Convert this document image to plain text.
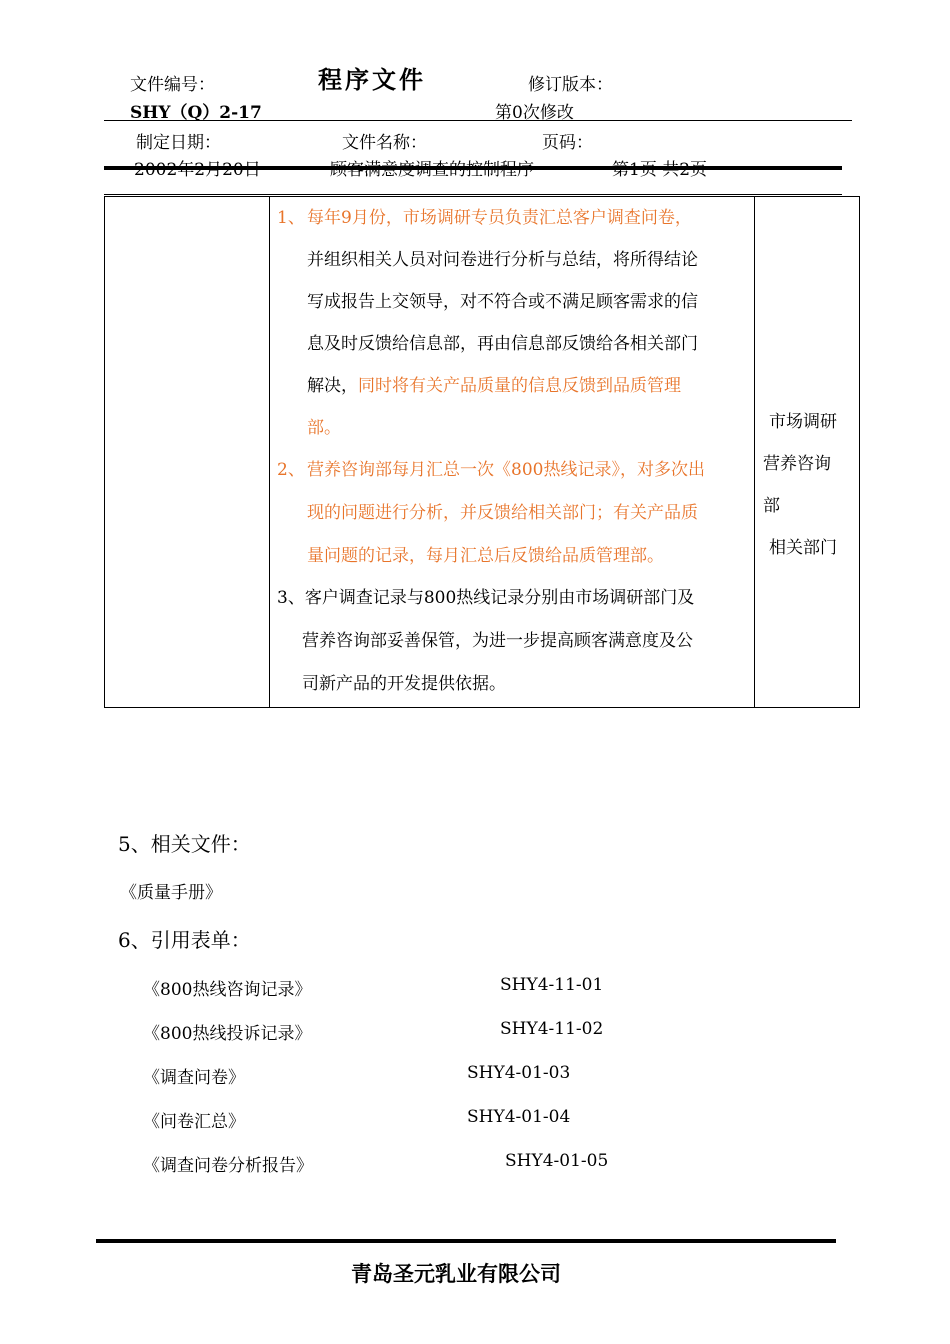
文件编号：	程序文件	修订版本：
SHY（Q）2-17	第0次修改
制定日期：	文件名称：	页码：
2002年2月20日	顾客满意度调查的控制程序	第1页 共2页
1、 每年9月份，市场调研专员负责汇总客户调查问卷，
并组织相关人员对问卷进行分析与总结，将所得结论
写成报告上交领导，对不符合或不满足顾客需求的信
息及时反馈给信息部，再由信息部反馈给各相关部门
解决，同时将有关产品质量的信息反馈到品质管理
部。
2、 营养咨询部每月汇总一次《800热线记录》，对多次出
现的问题进行分析，并反馈给相关部门；有关产品质
量问题的记录，每月汇总后反馈给品质管理部。
3、客户调查记录与800热线记录分别由市场调研部门及
营养咨询部妥善保管，为进一步提高顾客满意度及公
司新产品的开发提供依据。
市场调研
营养咨询
部
相关部门
5、相关文件：
《质量手册》
6、引用表单：
《800热线咨询记录》	SHY4-11-01
《800热线投诉记录》	SHY4-11-02
《调查问卷》	SHY4-01-03
《问卷汇总》	SHY4-01-04
《调查问卷分析报告》	SHY4-01-05
青岛圣元乳业有限公司
